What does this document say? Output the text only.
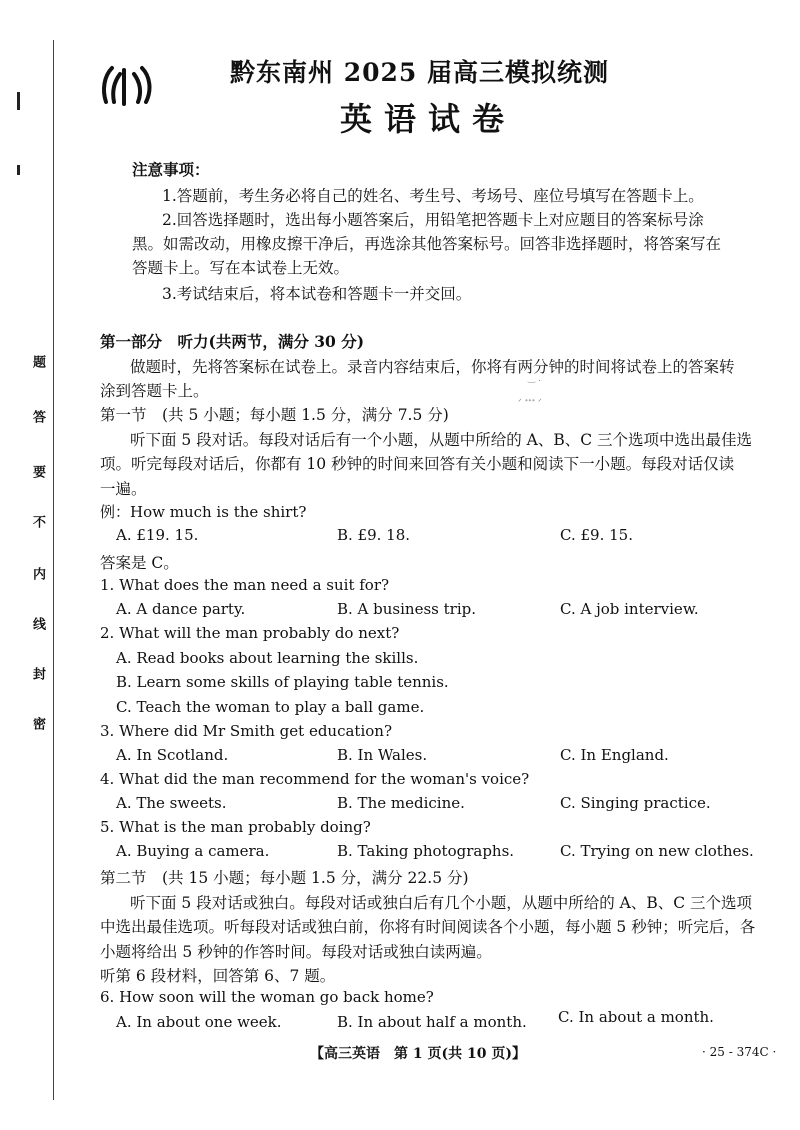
题
答
要
不
内
线
封
密
黔东南州 2025 届高三模拟统测
英语试卷
注意事项：
1.答题前，考生务必将自己的姓名、考生号、考场号、座位号填写在答题卡上。
2.回答选择题时，选出每小题答案后，用铅笔把答题卡上对应题目的答案标号涂
黑。如需改动，用橡皮擦干净后，再选涂其他答案标号。回答非选择题时，将答案写在
答题卡上。写在本试卷上无效。
3.考试结束后，将本试卷和答题卡一并交回。
第一部分　听力(共两节，满分 30 分)
做题时，先将答案标在试卷上。录音内容结束后，你将有两分钟的时间将试卷上的答案转
涂到答题卡上。
‿ .
ᐟ ᐩᐩᐩ ᐟ
第一节　(共 5 小题；每小题 1.5 分，满分 7.5 分)
听下面 5 段对话。每段对话后有一个小题，从题中所给的 A、B、C 三个选项中选出最佳选
项。听完每段对话后，你都有 10 秒钟的时间来回答有关小题和阅读下一小题。每段对话仅读
一遍。
例：How much is the shirt?
A. £19. 15.	B. £9. 18.	C. £9. 15.
答案是 C。
1. What does the man need a suit for?
A. A dance party.	B. A business trip.	C. A job interview.
2. What will the man probably do next?
A. Read books about learning the skills.
B. Learn some skills of playing table tennis.
C. Teach the woman to play a ball game.
3. Where did Mr Smith get education?
A. In Scotland.	B. In Wales.	C. In England.
4. What did the man recommend for the woman's voice?
A. The sweets.	B. The medicine.	C. Singing practice.
5. What is the man probably doing?
A. Buying a camera.	B. Taking photographs.	C. Trying on new clothes.
第二节　(共 15 小题；每小题 1.5 分，满分 22.5 分)
听下面 5 段对话或独白。每段对话或独白后有几个小题，从题中所给的 A、B、C 三个选项
中选出最佳选项。听每段对话或独白前，你将有时间阅读各个小题，每小题 5 秒钟；听完后，各
小题将给出 5 秒钟的作答时间。每段对话或独白读两遍。
听第 6 段材料，回答第 6、7 题。
6. How soon will the woman go back home?
A. In about one week.	B. In about half a month. C. In about a month.
【高三英语　第 1 页(共 10 页)】	· 25 - 374C ·
